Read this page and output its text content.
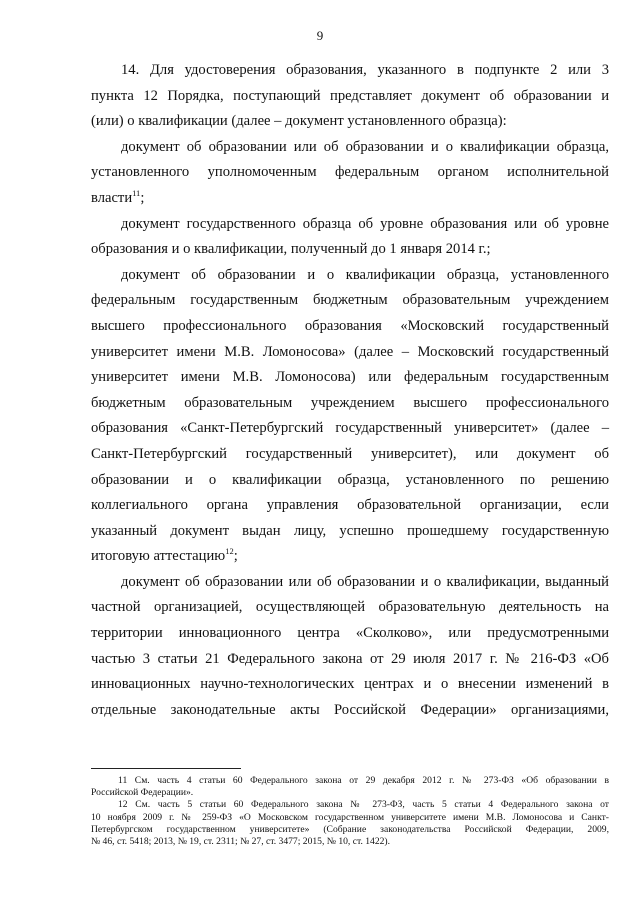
9
14. Для удостоверения образования, указанного в подпункте 2 или 3
пункта 12 Порядка, поступающий представляет документ об образовании и
(или) о квалификации (далее – документ установленного образца):
документ об образовании или об образовании и о квалификации образца,
установленного уполномоченным федеральным органом исполнительной
власти$^{11}$;
документ государственного образца об уровне образования или об уровне
образования и о квалификации, полученный до 1 января 2014 г.;
документ об образовании и о квалификации образца, установленного
федеральным государственным бюджетным образовательным учреждением
высшего профессионального образования «Московский государственный
университет имени М.В. Ломоносова» (далее – Московский государственный
университет имени М.В. Ломоносова) или федеральным государственным
бюджетным образовательным учреждением высшего профессионального
образования «Санкт-Петербургский государственный университет» (далее –
Санкт-Петербургский государственный университет), или документ об
образовании и о квалификации образца, установленного по решению
коллегиального органа управления образовательной организации, если
указанный документ выдан лицу, успешно прошедшему государственную
итоговую аттестацию$^{12}$;
документ об образовании или об образовании и о квалификации, выданный
частной организацией, осуществляющей образовательную деятельность на
территории инновационного центра «Сколково», или предусмотренными
частью 3 статьи 21 Федерального закона от 29 июля 2017 г. № 216-ФЗ «Об
инновационных научно-технологических центрах и о внесении изменений в
отдельные законодательные акты Российской Федерации» организациями,
11 См. часть 4 статьи 60 Федерального закона от 29 декабря 2012 г. № 273-ФЗ «Об образовании в
Российской Федерации».
12 См. часть 5 статьи 60 Федерального закона № 273-ФЗ, часть 5 статьи 4 Федерального закона от
10 ноября 2009 г. № 259-ФЗ «О Московском государственном университете имени М.В. Ломоносова и Санкт-
Петербургском государственном университете» (Собрание законодательства Российской Федерации, 2009,
№ 46, ст. 5418; 2013, № 19, ст. 2311; № 27, ст. 3477; 2015, № 10, ст. 1422).
